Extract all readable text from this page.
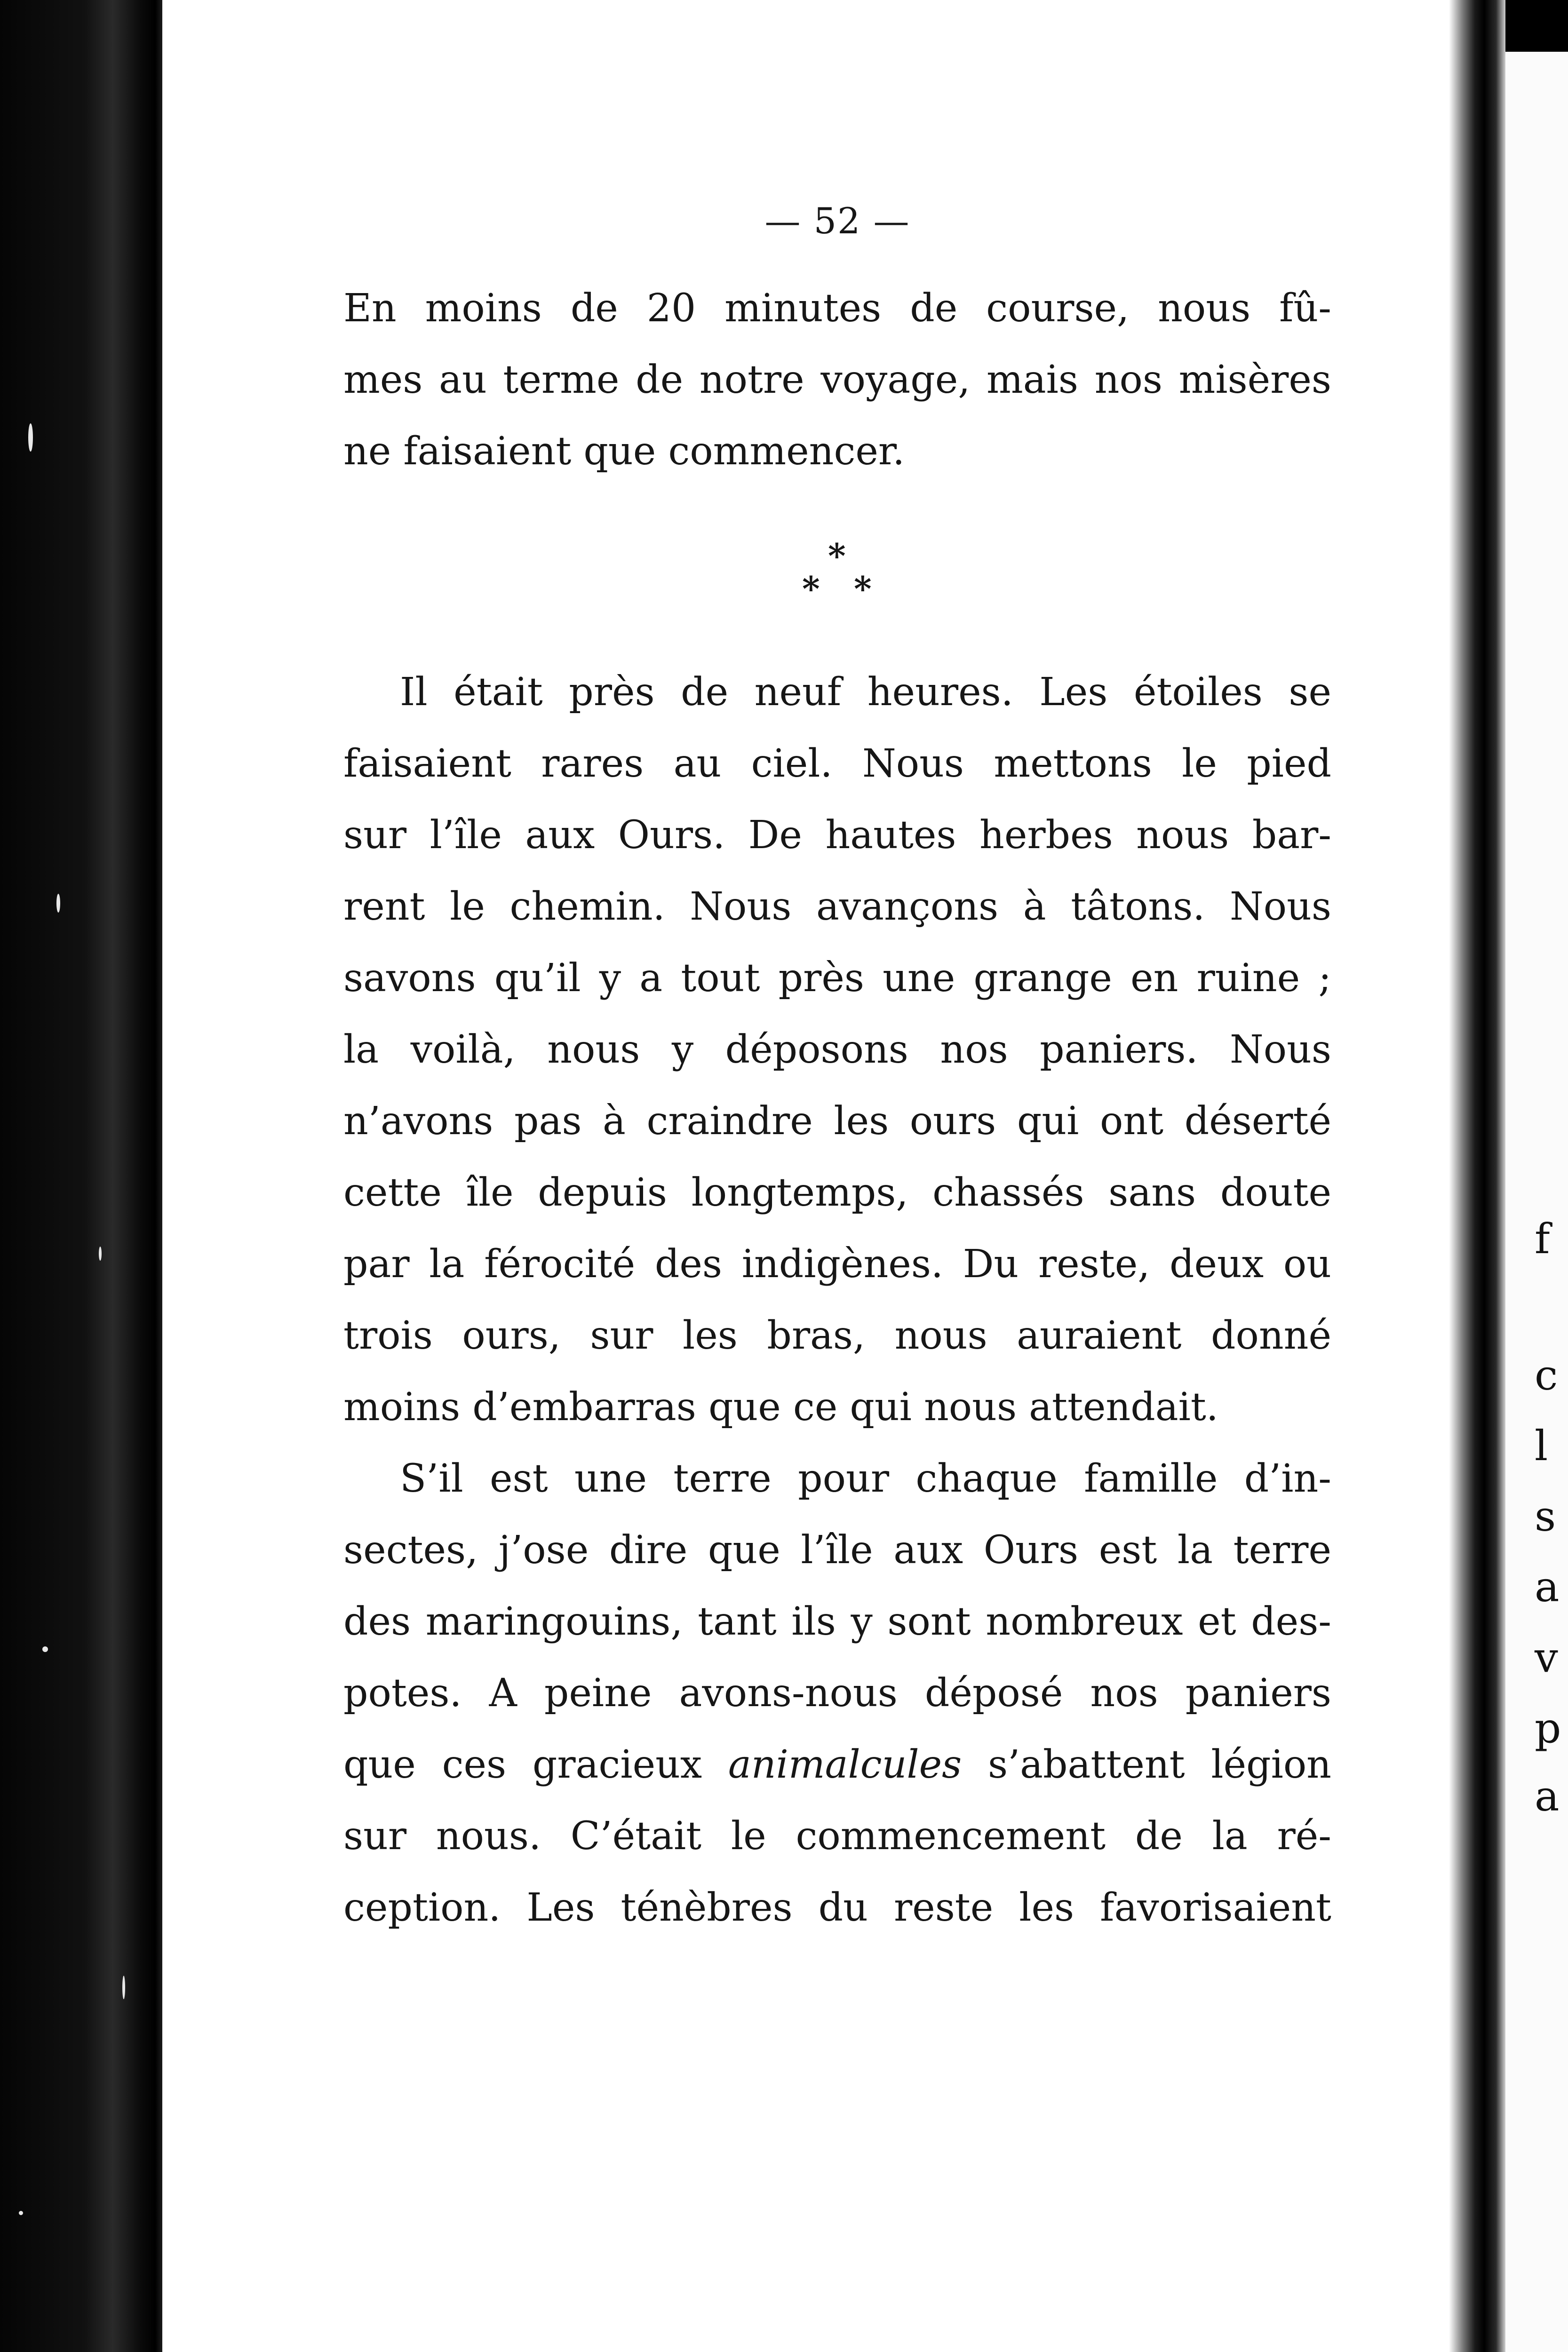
f
c
l
s
a
v
p
a
— 52 —

En moins de 20 minutes de course, nous fû-
mes au terme de notre voyage, mais nos misères
ne faisaient que commencer.

*
* *

Il était près de neuf heures. Les étoiles se
faisaient rares au ciel. Nous mettons le pied
sur l’île aux Ours. De hautes herbes nous bar-
rent le chemin. Nous avançons à tâtons. Nous
savons qu’il y a tout près une grange en ruine ;
la voilà, nous y déposons nos paniers. Nous
n’avons pas à craindre les ours qui ont déserté
cette île depuis longtemps, chassés sans doute
par la férocité des indigènes. Du reste, deux ou
trois ours, sur les bras, nous auraient donné
moins d’embarras que ce qui nous attendait.

S’il est une terre pour chaque famille d’in-
sectes, j’ose dire que l’île aux Ours est la terre
des maringouins, tant ils y sont nombreux et des-
potes. A peine avons-nous déposé nos paniers
que ces gracieux animalcules s’abattent légion
sur nous. C’était le commencement de la ré-
ception. Les ténèbres du reste les favorisaient
